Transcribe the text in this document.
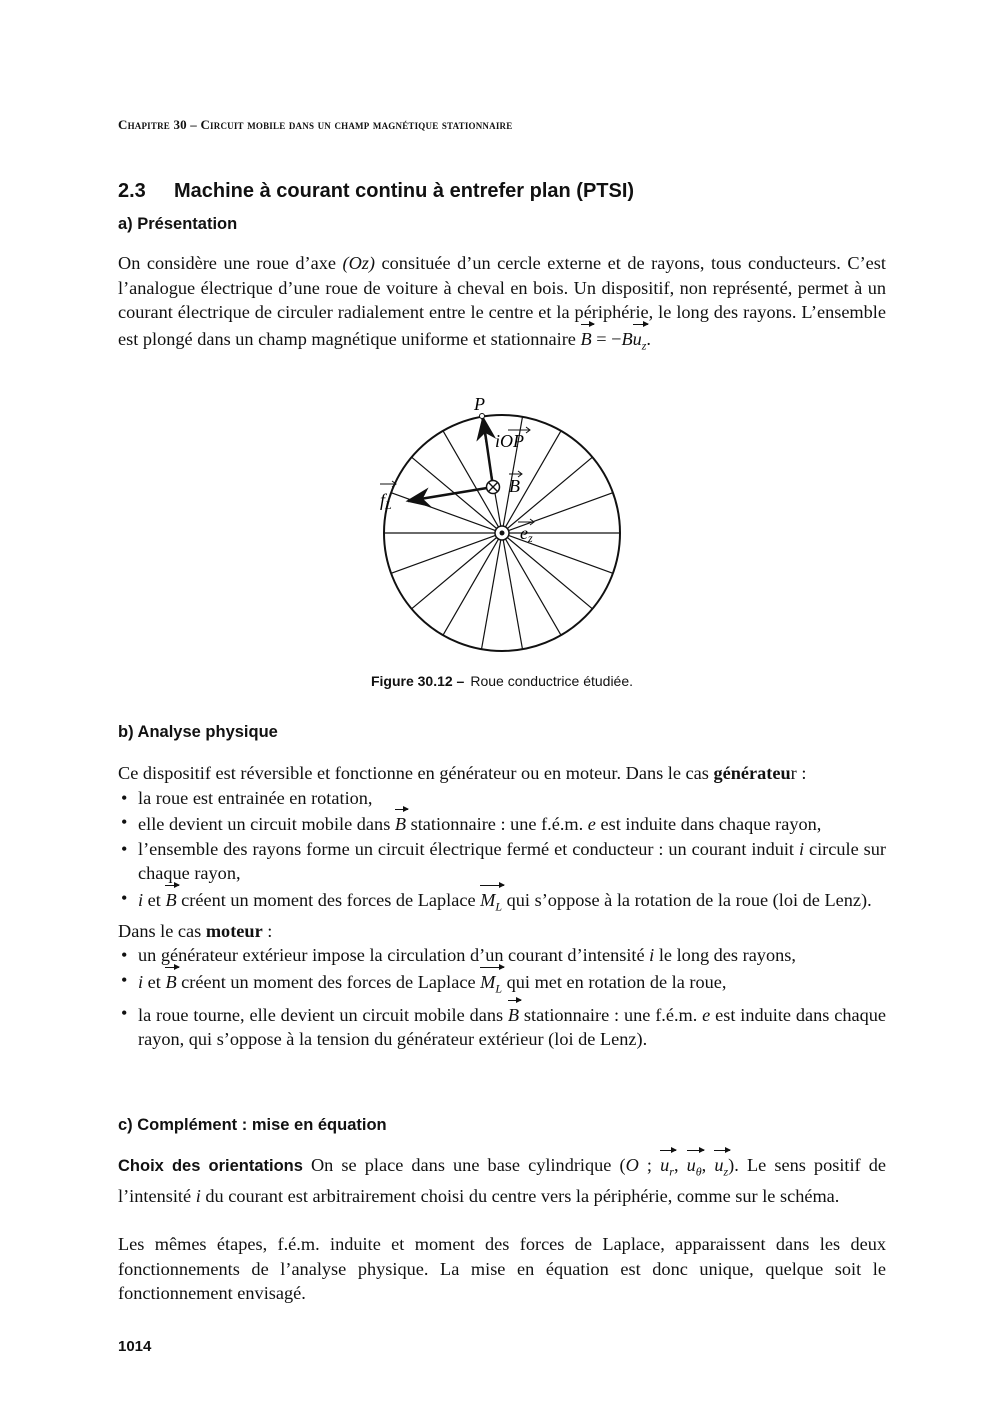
Chapitre 30 – Circuit mobile dans un champ magnétique stationnaire
2.3 Machine à courant continu à entrefer plan (PTSI)
a) Présentation

On considère une roue d’axe (Oz) consituée d’un cercle externe et de rayons, tous conducteurs. C’est l’analogue électrique d’une roue de voiture à cheval en bois. Un dispositif, non représenté, permet à un courant électrique de circuler radialement entre le centre et la périphérie, le long des rayons. L’ensemble est plongé dans un champ magnétique uniforme et stationnaire $B = -Bu_z$.

P
iOP
B
fL
ez
Figure 30.12 – Roue conductrice étudiée.
b) Analyse physique
Ce dispositif est réversible et fonctionne en générateur ou en moteur. Dans le cas générateur :
• la roue est entrainée en rotation,
• elle devient un circuit mobile dans B stationnaire : une f.é.m. e est induite dans chaque rayon,
• l’ensemble des rayons forme un circuit électrique fermé et conducteur : un courant induit i circule sur chaque rayon,
• i et B créent un moment des forces de Laplace $M_L$ qui s’oppose à la rotation de la roue (loi de Lenz).
Dans le cas moteur :
• un générateur extérieur impose la circulation d’un courant d’intensité i le long des rayons,
• i et B créent un moment des forces de Laplace $M_L$ qui met en rotation de la roue,
• la roue tourne, elle devient un circuit mobile dans B stationnaire : une f.é.m. e est induite dans chaque rayon, qui s’oppose à la tension du générateur extérieur (loi de Lenz).
c) Complément : mise en équation

Choix des orientations On se place dans une base cylindrique (O ; $u_r$, $u_\theta$, $u_z$). Le sens positif de l’intensité i du courant est arbitrairement choisi du centre vers la périphérie, comme sur le schéma.

Les mêmes étapes, f.é.m. induite et moment des forces de Laplace, apparaissent dans les deux fonctionnements de l’analyse physique. La mise en équation est donc unique, quelque soit le fonctionnement envisagé.

1014
